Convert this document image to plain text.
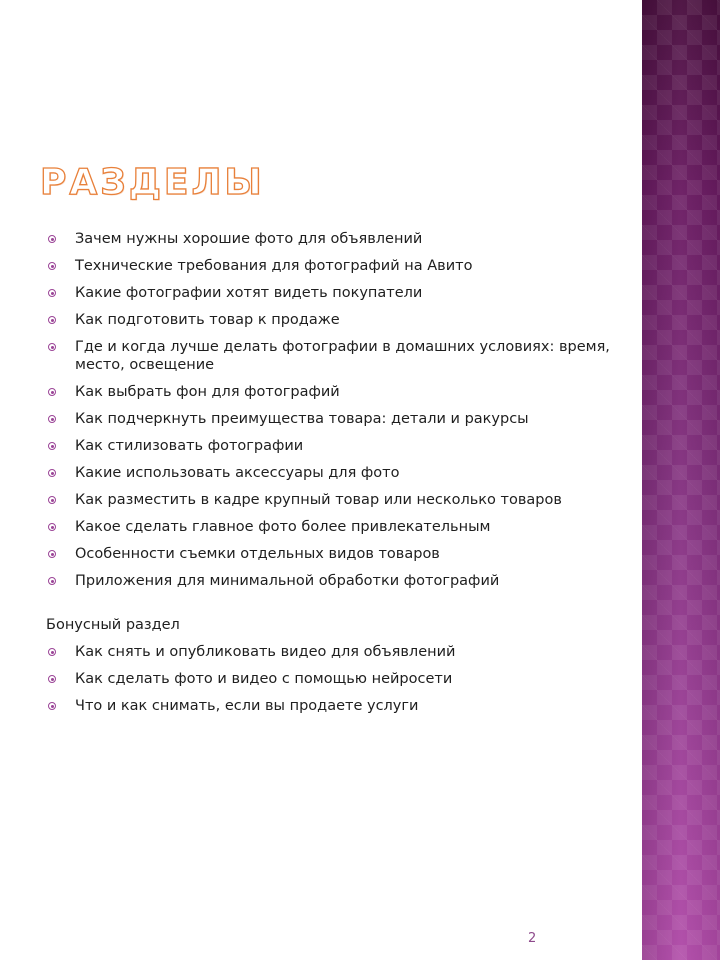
РАЗДЕЛЫ
Зачем нужны хорошие фото для объявлений
Технические требования для фотографий на Авито
Какие фотографии хотят видеть покупатели
Как подготовить товар к продаже
Где и когда лучше делать фотографии в домашних условиях: время, место, освещение
Как выбрать фон для фотографий
Как подчеркнуть преимущества товара: детали и ракурсы
Как стилизовать фотографии
Какие использовать аксессуары для фото
Как разместить в кадре крупный товар или несколько товаров
Какое сделать главное фото более привлекательным
Особенности съемки отдельных видов товаров
Приложения для минимальной обработки фотографий
Бонусный раздел
Как снять и опубликовать видео для объявлений
Как сделать фото и видео с помощью нейросети
Что и как снимать, если вы продаете услуги
2
